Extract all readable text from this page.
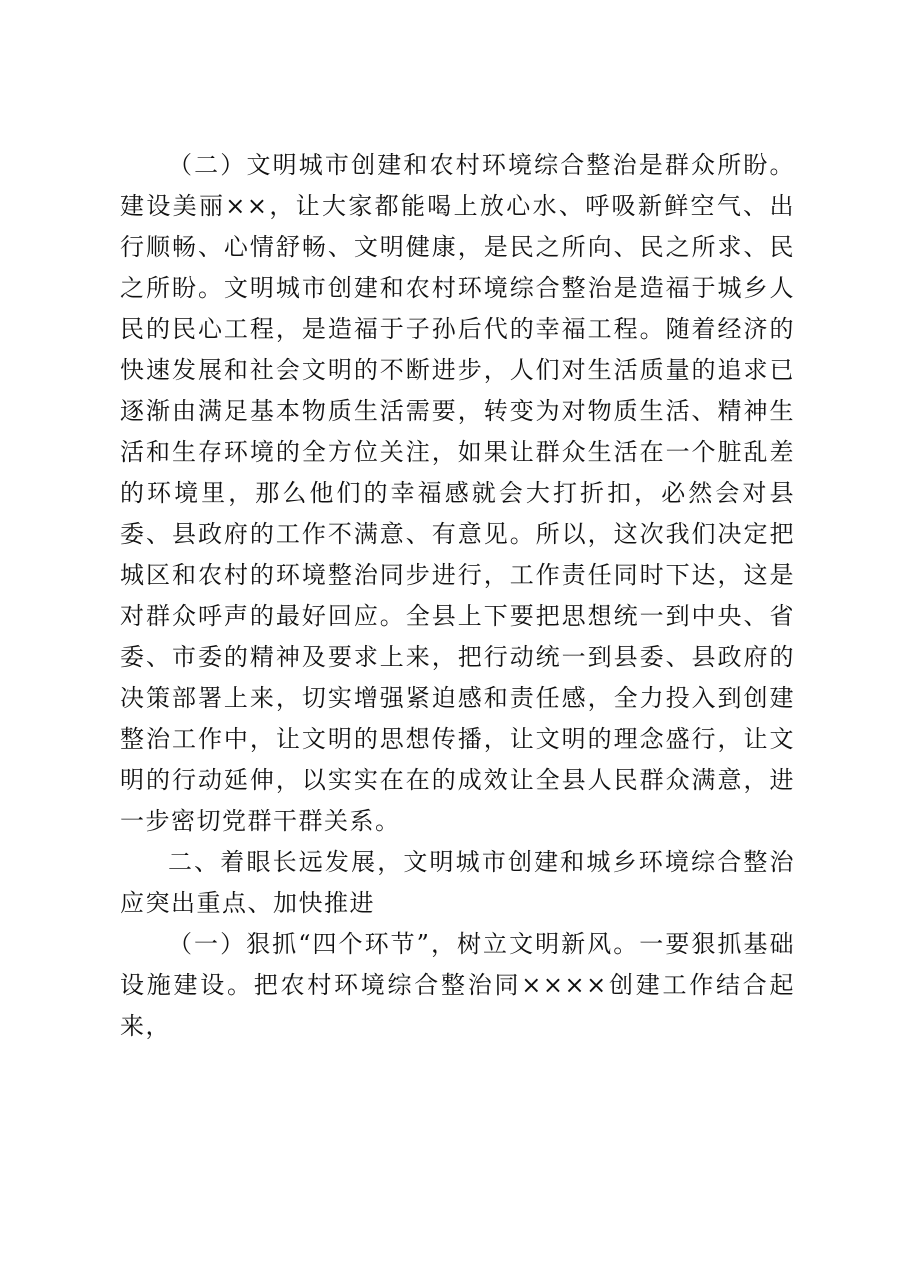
（二）文明城市创建和农村环境综合整治是群众所盼。建设美丽××，让大家都能喝上放心水、呼吸新鲜空气、出行顺畅、心情舒畅、文明健康，是民之所向、民之所求、民之所盼。文明城市创建和农村环境综合整治是造福于城乡人民的民心工程，是造福于子孙后代的幸福工程。随着经济的快速发展和社会文明的不断进步，人们对生活质量的追求已逐渐由满足基本物质生活需要，转变为对物质生活、精神生活和生存环境的全方位关注，如果让群众生活在一个脏乱差的环境里，那么他们的幸福感就会大打折扣，必然会对县委、县政府的工作不满意、有意见。所以，这次我们决定把城区和农村的环境整治同步进行，工作责任同时下达，这是对群众呼声的最好回应。全县上下要把思想统一到中央、省委、市委的精神及要求上来，把行动统一到县委、县政府的决策部署上来，切实增强紧迫感和责任感，全力投入到创建整治工作中，让文明的思想传播，让文明的理念盛行，让文明的行动延伸，以实实在在的成效让全县人民群众满意，进一步密切党群干群关系。

二、着眼长远发展，文明城市创建和城乡环境综合整治应突出重点、加快推进

（一）狠抓“四个环节”，树立文明新风。一要狠抓基础设施建设。把农村环境综合整治同××××创建工作结合起来，
